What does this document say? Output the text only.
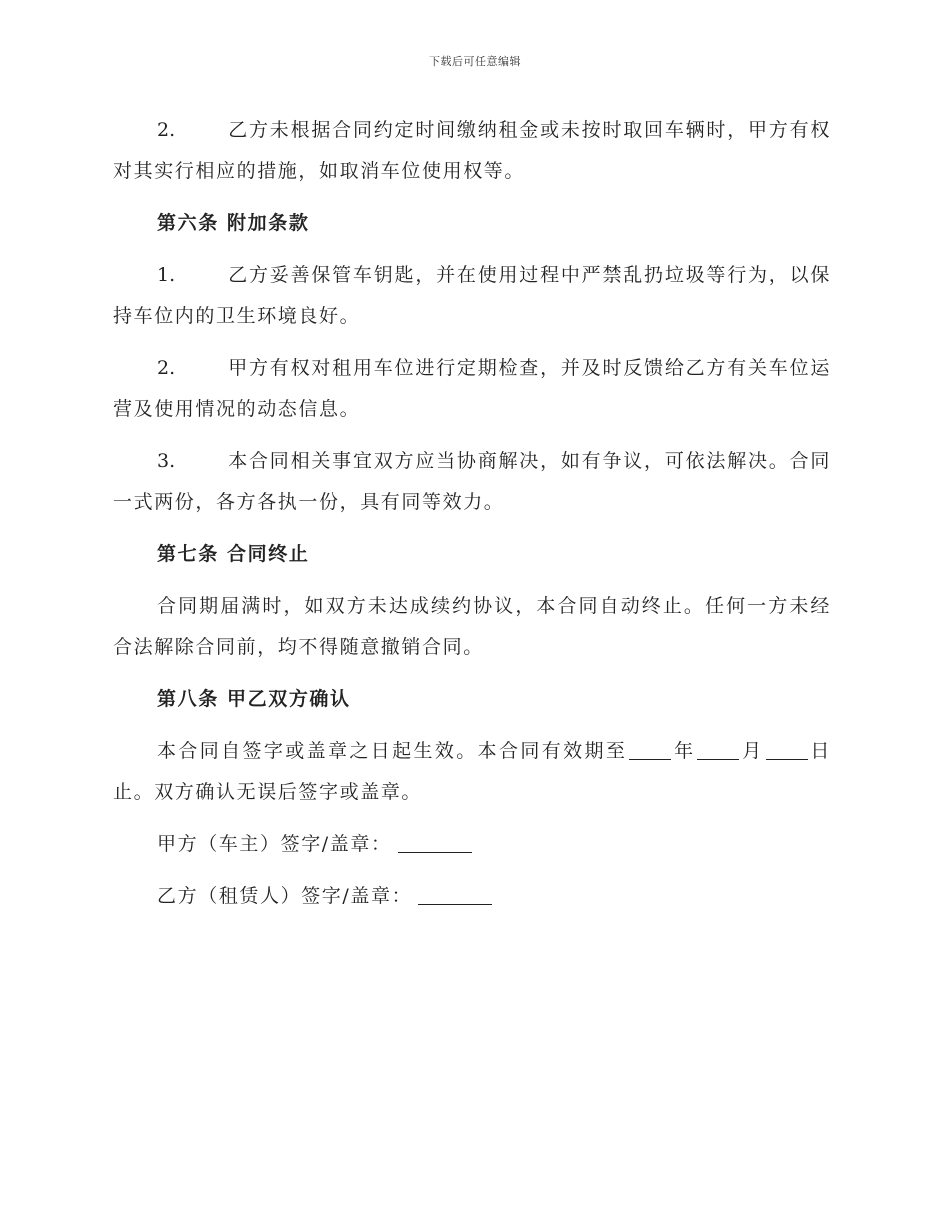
下载后可任意编辑

2.	乙方未根据合同约定时间缴纳租金或未按时取回车辆时，甲方有权对其实行相应的措施，如取消车位使用权等。

第六条 附加条款

1.	乙方妥善保管车钥匙，并在使用过程中严禁乱扔垃圾等行为，以保持车位内的卫生环境良好。

2.	甲方有权对租用车位进行定期检查，并及时反馈给乙方有关车位运营及使用情况的动态信息。

3.	本合同相关事宜双方应当协商解决，如有争议，可依法解决。合同一式两份，各方各执一份，具有同等效力。

第七条 合同终止

合同期届满时，如双方未达成续约协议，本合同自动终止。任何一方未经合法解除合同前，均不得随意撤销合同。

第八条 甲乙双方确认

本合同自签字或盖章之日起生效。本合同有效期至 年 月 日止。双方确认无误后签字或盖章。

甲方（车主）签字/盖章：

乙方（租赁人）签字/盖章：
